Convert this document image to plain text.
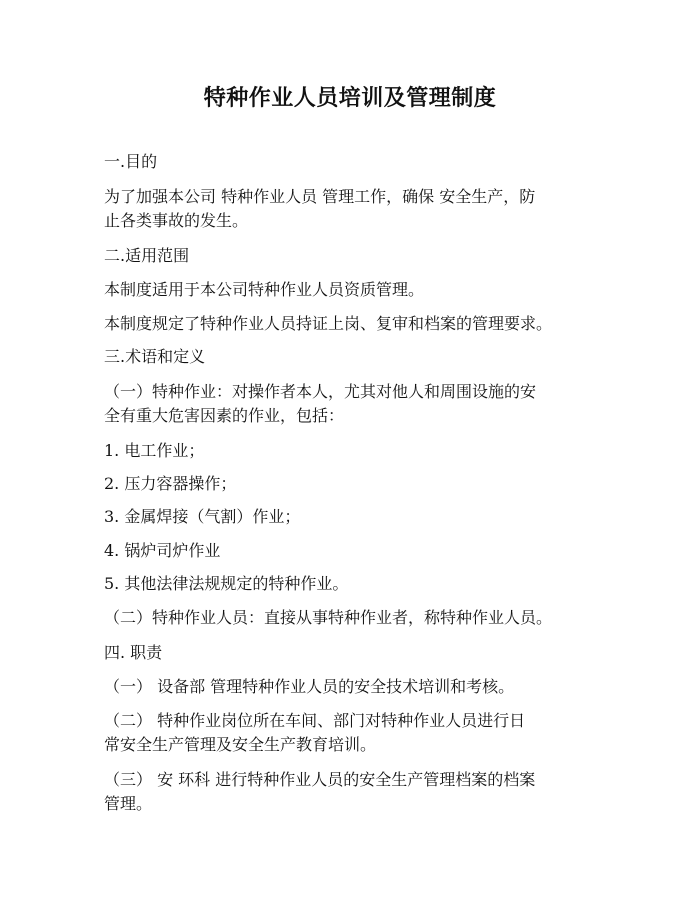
特种作业人员培训及管理制度
一.目的
为了加强本公司 特种作业人员 管理工作，确保 安全生产，防
止各类事故的发生。
二.适用范围
本制度适用于本公司特种作业人员资质管理。
本制度规定了特种作业人员持证上岗、复审和档案的管理要求。
三.术语和定义
（一）特种作业：对操作者本人，尤其对他人和周围设施的安
全有重大危害因素的作业，包括：
1. 电工作业；
2. 压力容器操作；
3. 金属焊接（气割）作业；
4. 锅炉司炉作业
5. 其他法律法规规定的特种作业。
（二）特种作业人员：直接从事特种作业者，称特种作业人员。
四. 职责
（一） 设备部 管理特种作业人员的安全技术培训和考核。
（二） 特种作业岗位所在车间、部门对特种作业人员进行日
常安全生产管理及安全生产教育培训。
（三） 安 环科 进行特种作业人员的安全生产管理档案的档案
管理。
